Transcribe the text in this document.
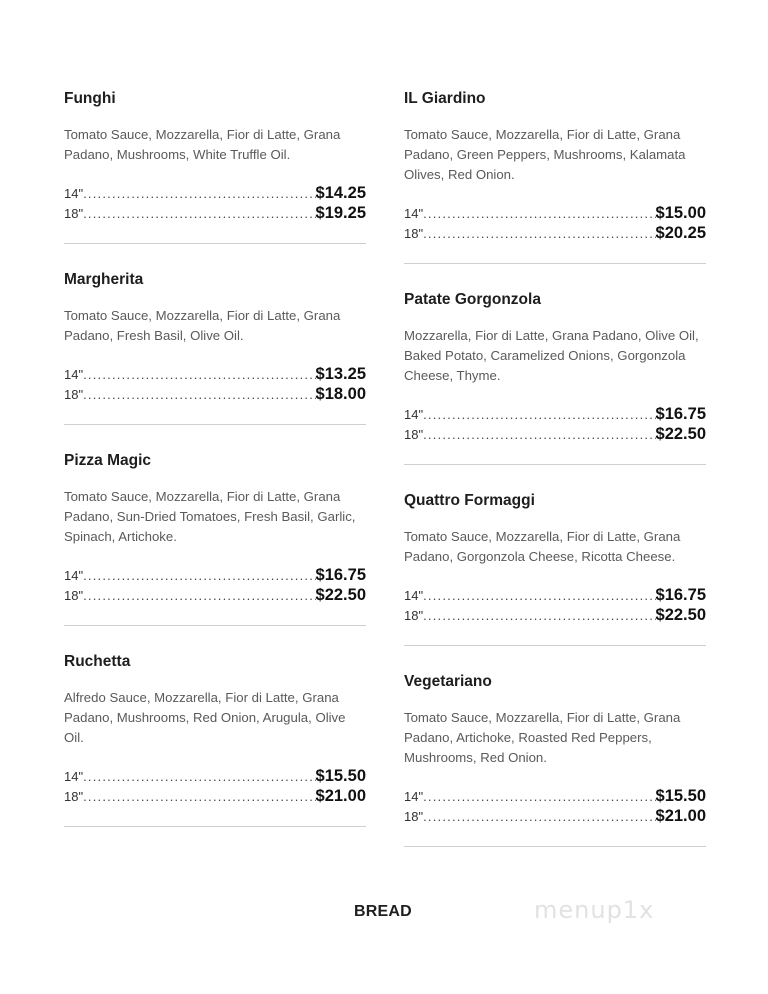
Funghi
Tomato Sauce, Mozzarella, Fior di Latte, Grana Padano, Mushrooms, White Truffle Oil.
14" .....	$14.25
18" .....	$19.25
Margherita
Tomato Sauce, Mozzarella, Fior di Latte, Grana Padano, Fresh Basil, Olive Oil.
14" .....	$13.25
18" .....	$18.00
Pizza Magic
Tomato Sauce, Mozzarella, Fior di Latte, Grana Padano, Sun-Dried Tomatoes, Fresh Basil, Garlic, Spinach, Artichoke.
14" .....	$16.75
18" .....	$22.50
Ruchetta
Alfredo Sauce, Mozzarella, Fior di Latte, Grana Padano, Mushrooms, Red Onion, Arugula, Olive Oil.
14" .....	$15.50
18" .....	$21.00
IL Giardino
Tomato Sauce, Mozzarella, Fior di Latte, Grana Padano, Green Peppers, Mushrooms, Kalamata Olives, Red Onion.
14" .....	$15.00
18" .....	$20.25
Patate Gorgonzola
Mozzarella, Fior di Latte, Grana Padano, Olive Oil, Baked Potato, Caramelized Onions, Gorgonzola Cheese, Thyme.
14" .....	$16.75
18" .....	$22.50
Quattro Formaggi
Tomato Sauce, Mozzarella, Fior di Latte, Grana Padano, Gorgonzola Cheese, Ricotta Cheese.
14" .....	$16.75
18" .....	$22.50
Vegetariano
Tomato Sauce, Mozzarella, Fior di Latte, Grana Padano, Artichoke, Roasted Red Peppers, Mushrooms, Red Onion.
14" .....	$15.50
18" .....	$21.00
BREAD	menup1x
